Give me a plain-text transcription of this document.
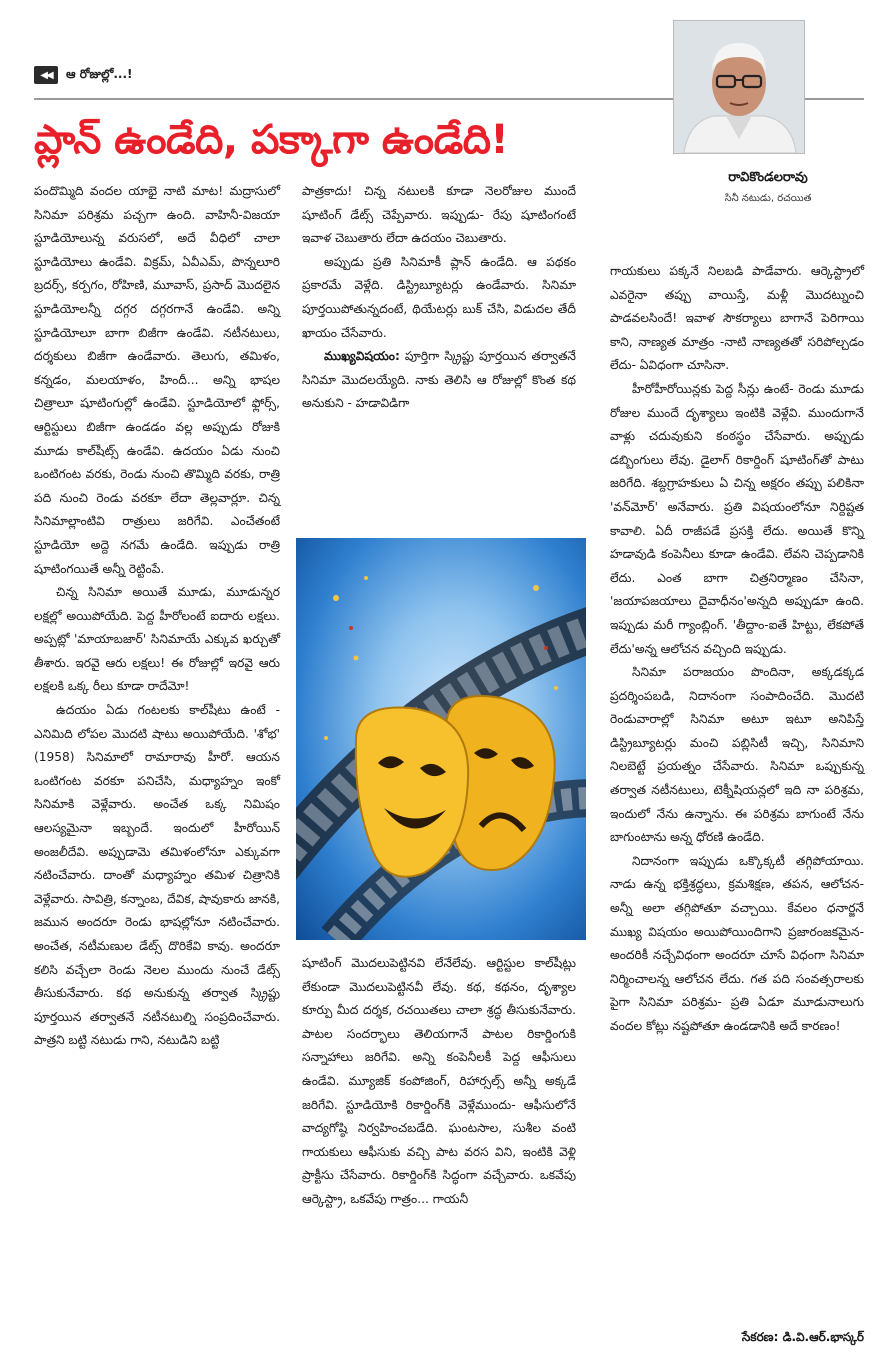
◀◀	ఆ రోజుల్లో...!
ప్లాన్ ఉండేది, పక్కాగా ఉండేది!
రావికొండలరావు
సినీ నటుడు, రచయిత

పందొమ్మిది వందల యాభై నాటి మాట! మద్రాసులో సినిమా పరిశ్రమ పచ్చగా ఉంది. వాహినీ-విజయా స్టూడియోలున్న వరుసలో, అదే వీధిలో చాలా స్టూడియోలు ఉండేవి. విక్రమ్, ఏవీఎమ్, పొన్నలూరి బ్రదర్స్, కర్పగం, రోహిణి, మూవాస్, ప్రసాద్ మొదలైన స్టూడియోలన్నీ దగ్గర దగ్గరగానే ఉండేవి. అన్ని స్టూడియోలూ బాగా బిజీగా ఉండేవి. నటీనటులు, దర్శకులు బిజీగా ఉండేవారు. తెలుగు, తమిళం, కన్నడం, మలయాళం, హిందీ... అన్ని భాషల చిత్రాలూ షూటింగుల్లో ఉండేవి. స్టూడియోలో ఫ్లోర్స్, ఆర్టిస్టులు బిజీగా ఉండడం వల్ల అప్పుడు రోజుకి మూడు కాల్‌షీట్స్ ఉండేవి. ఉదయం ఏడు నుంచి ఒంటిగంట వరకు, రెండు నుంచి తొమ్మిది వరకు, రాత్రి పది నుంచి రెండు వరకూ లేదా తెల్లవార్లూ. చిన్న సినిమాల్లాంటివి రాత్రులు జరిగేవి. ఎంచేతంటే స్టూడియో అద్దె నగమే ఉండేది. ఇప్పుడు రాత్రి షూటింగయితే అన్నీ రెట్టింపే.

చిన్న సినిమా అయితే మూడు, మూడున్నర లక్షల్లో అయిపోయేది. పెద్ద హీరోలంటే ఐదారు లక్షలు. అప్పట్లో 'మాయాబజార్' సినిమాయే ఎక్కువ ఖర్చుతో తీశారు. ఇరవై ఆరు లక్షలు! ఈ రోజుల్లో ఇరవై ఆరు లక్షలకి ఒక్క రీలు కూడా రాదేమో!

ఉదయం ఏడు గంటలకు కాల్‌షీటు ఉంటే - ఎనిమిది లోపల మొదటి షాటు అయిపోయేది. 'శోభ' (1958) సినిమాలో రామారావు హీరో. ఆయన ఒంటిగంట వరకూ పనిచేసి, మధ్యాహ్నం ఇంకో సినిమాకి వెళ్లేవారు. అంచేత ఒక్క నిమిషం ఆలస్యమైనా ఇబ్బందే. ఇందులో హీరోయిన్ అంజలీదేవి. అప్పుడామె తమిళంలోనూ ఎక్కువగా నటించేవారు. దాంతో మధ్యాహ్నం తమిళ చిత్రానికి వెళ్లేవారు. సావిత్రి, కన్నాంబ, దేవిక, షావుకారు జానకి, జమున అందరూ రెండు భాషల్లోనూ నటించేవారు. అంచేత, నటీమణుల డేట్స్ దొరికేవి కావు. అందరూ కలిసి వచ్చేలా రెండు నెలల ముందు నుంచే డేట్స్ తీసుకునేవారు. కథ అనుకున్న తర్వాత స్క్రిప్టు పూర్తయిన తర్వాతనే నటీనటుల్ని సంప్రదించేవారు. పాత్రని బట్టి నటుడు గాని, నటుడిని బట్టి

పాత్రకాదు! చిన్న నటులకి కూడా నెలరోజుల ముందే షూటింగ్ డేట్స్ చెప్పేవారు. ఇప్పుడు- రేపు షూటింగంటే ఇవాళ చెబుతారు లేదా ఉదయం చెబుతారు.

అప్పుడు ప్రతి సినిమాకీ ప్లాన్ ఉండేది. ఆ పథకం ప్రకారమే వెళ్లేది. డిస్ట్రిబ్యూటర్లు ఉండేవారు. సినిమా పూర్తయిపోతున్నదంటే, థియేటర్లు బుక్ చేసి, విడుదల తేదీ ఖాయం చేసేవారు.

ముఖ్యవిషయం: పూర్తిగా స్క్రిప్టు పూర్తయిన తర్వాతనే సినిమా మొదలయ్యేది. నాకు తెలిసి ఆ రోజుల్లో కొంత కథ అనుకుని - హడావిడిగా

షూటింగ్ మొదలుపెట్టినవి లేనేలేవు. ఆర్టిస్టుల కాల్‌షీట్లు లేకుండా మొదలుపెట్టినవీ లేవు. కథ, కథనం, దృశ్యాల కూర్పు మీద దర్శక, రచయితలు చాలా శ్రద్ధ తీసుకునేవారు. పాటల సందర్భాలు తెలియగానే పాటల రికార్డింగుకి సన్నాహాలు జరిగేవి. అన్ని కంపెనీలకీ పెద్ద ఆఫీసులు ఉండేవి. మ్యూజిక్ కంపోజింగ్, రిహార్సల్స్ అన్నీ అక్కడే జరిగేవి. స్టూడియోకి రికార్డింగ్‌కి వెళ్లేముందు- ఆఫీసులోనే వాద్యగోష్ఠి నిర్వహించబడేది. ఘంటసాల, సుశీల వంటి గాయకులు ఆఫీసుకు వచ్చి పాట వరస విని, ఇంటికి వెళ్లి ప్రాక్టీసు చేసేవారు. రికార్డింగ్‌కి సిద్ధంగా వచ్చేవారు. ఒకవేపు ఆర్కెస్ట్రా, ఒకవేపు గాత్రం... గాయనీ

గాయకులు పక్కనే నిలబడి పాడేవారు. ఆర్కెస్ట్రాలో ఎవరైనా తప్పు వాయిస్తే, మళ్లీ మొదట్నుంచి పాడవలసిందే! ఇవాళ సౌకర్యాలు బాగానే పెరిగాయి కాని, నాణ్యత మాత్రం -నాటి నాణ్యతతో సరిపోల్చడం లేదు- ఏవిధంగా చూసినా.

హీరోహీరోయిన్లకు పెద్ద సీన్లు ఉంటే- రెండు మూడు రోజుల ముందే దృశ్యాలు ఇంటికి వెళ్లేవి. ముందుగానే వాళ్లు చదువుకుని కంఠస్థం చేసేవారు. అప్పుడు డబ్బింగులు లేవు. డైలాగ్ రికార్డింగ్ షూటింగ్‌తో పాటు జరిగేది. శబ్దగ్రాహకులు ఏ చిన్న అక్షరం తప్పు పలికినా 'వన్‌మోర్' అనేవారు. ప్రతి విషయంలోనూ నిర్దిష్టత కావాలి. ఏదీ రాజీపడే ప్రసక్తి లేదు. అయితే కొన్ని హడావుడి కంపెనీలు కూడా ఉండేవి. లేవని చెప్పడానికి లేదు. ఎంత బాగా చిత్రనిర్మాణం చేసినా, 'జయాపజయాలు దైవాధీనం'అన్నది అప్పుడూ ఉంది. ఇప్పుడు మరీ గ్యాంబ్లింగ్. 'తీద్దాం-ఐతే హిట్టు, లేకపోతే లేదు'అన్న ఆలోచన వచ్చింది ఇప్పుడు.

సినిమా పరాజయం పొందినా, అక్కడక్కడ ప్రదర్శింపబడి, నిదానంగా సంపాదించేది. మొదటి రెండువారాల్లో సినిమా అటూ ఇటూ అనిపిస్తే డిస్ట్రిబ్యూటర్లు మంచి పబ్లిసిటీ ఇచ్చి, సినిమాని నిలబెట్టే ప్రయత్నం చేసేవారు. సినిమా ఒప్పుకున్న తర్వాత నటీనటులు, టెక్నీషియన్లలో ఇది నా పరిశ్రమ, ఇందులో నేను ఉన్నాను. ఈ పరిశ్రమ బాగుంటే నేను బాగుంటాను అన్న ధోరణి ఉండేది.

నిదానంగా ఇప్పుడు ఒక్కొక్కటీ తగ్గిపోయాయి. నాడు ఉన్న భక్తిశ్రద్ధలు, క్రమశిక్షణ, తపన, ఆలోచన- అన్నీ అలా తగ్గిపోతూ వచ్చాయి. కేవలం ధనార్జనే ముఖ్య విషయం అయిపోయిందిగాని ప్రజారంజకమైన-అందరికీ నచ్చేవిధంగా అందరూ చూసే విధంగా సినిమా నిర్మించాలన్న ఆలోచన లేదు. గత పది సంవత్సరాలకు పైగా సినిమా పరిశ్రమ- ప్రతి ఏడూ మూడునాలుగు వందల కోట్లు నష్టపోతూ ఉండడానికి అదే కారణం!

సేకరణ: డి.వి.ఆర్.భాస్కర్
